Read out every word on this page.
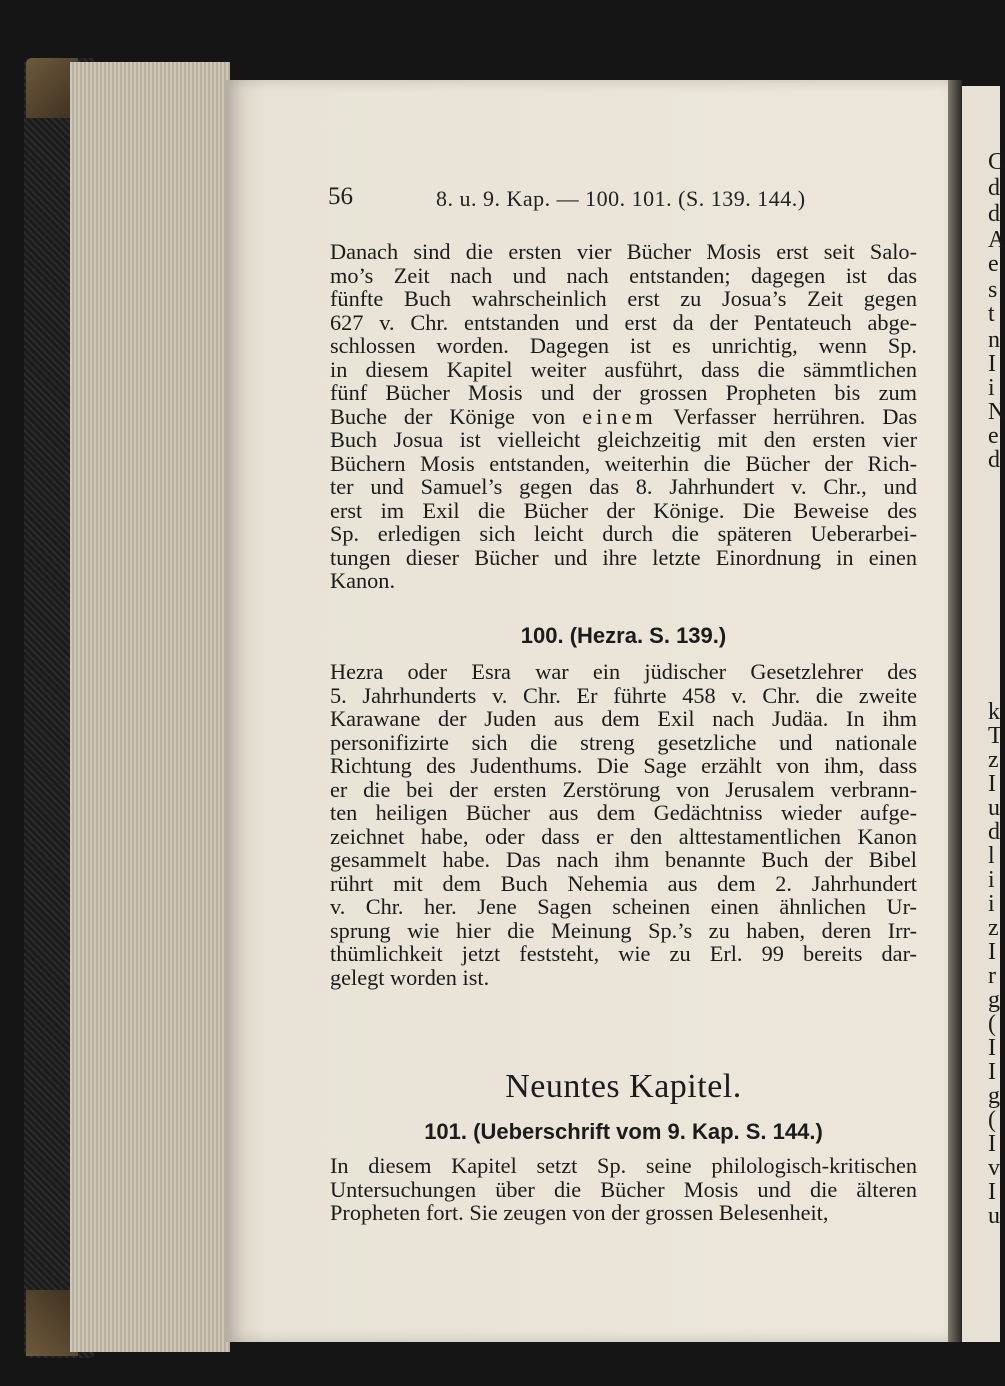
C
d
d
A
e
s
t
n
I
i
N
e
d
k
T
z
I
u
d
l
i
i
z
I
r
g
(
I
I
g
(
I
v
I
u
56	8. u. 9. Kap. — 100. 101. (S. 139. 144.)
Danach sind die ersten vier Bücher Mosis erst seit Salo-
mo’s Zeit nach und nach entstanden; dagegen ist das
fünfte Buch wahrscheinlich erst zu Josua’s Zeit gegen
627 v. Chr. entstanden und erst da der Pentateuch abge-
schlossen worden. Dagegen ist es unrichtig, wenn Sp.
in diesem Kapitel weiter ausführt, dass die sämmtlichen
fünf Bücher Mosis und der grossen Propheten bis zum
Buche der Könige von einem Verfasser herrühren. Das
Buch Josua ist vielleicht gleichzeitig mit den ersten vier
Büchern Mosis entstanden, weiterhin die Bücher der Rich-
ter und Samuel’s gegen das 8. Jahrhundert v. Chr., und
erst im Exil die Bücher der Könige. Die Beweise des
Sp. erledigen sich leicht durch die späteren Ueberarbei-
tungen dieser Bücher und ihre letzte Einordnung in einen
Kanon.
100. (Hezra. S. 139.)
Hezra oder Esra war ein jüdischer Gesetzlehrer des
5. Jahrhunderts v. Chr. Er führte 458 v. Chr. die zweite
Karawane der Juden aus dem Exil nach Judäa. In ihm
personifizirte sich die streng gesetzliche und nationale
Richtung des Judenthums. Die Sage erzählt von ihm, dass
er die bei der ersten Zerstörung von Jerusalem verbrann-
ten heiligen Bücher aus dem Gedächtniss wieder aufge-
zeichnet habe, oder dass er den alttestamentlichen Kanon
gesammelt habe. Das nach ihm benannte Buch der Bibel
rührt mit dem Buch Nehemia aus dem 2. Jahrhundert
v. Chr. her. Jene Sagen scheinen einen ähnlichen Ur-
sprung wie hier die Meinung Sp.’s zu haben, deren Irr-
thümlichkeit jetzt feststeht, wie zu Erl. 99 bereits dar-
gelegt worden ist.
Neuntes Kapitel.
101. (Ueberschrift vom 9. Kap. S. 144.)
In diesem Kapitel setzt Sp. seine philologisch-kritischen
Untersuchungen über die Bücher Mosis und die älteren
Propheten fort. Sie zeugen von der grossen Belesenheit,
